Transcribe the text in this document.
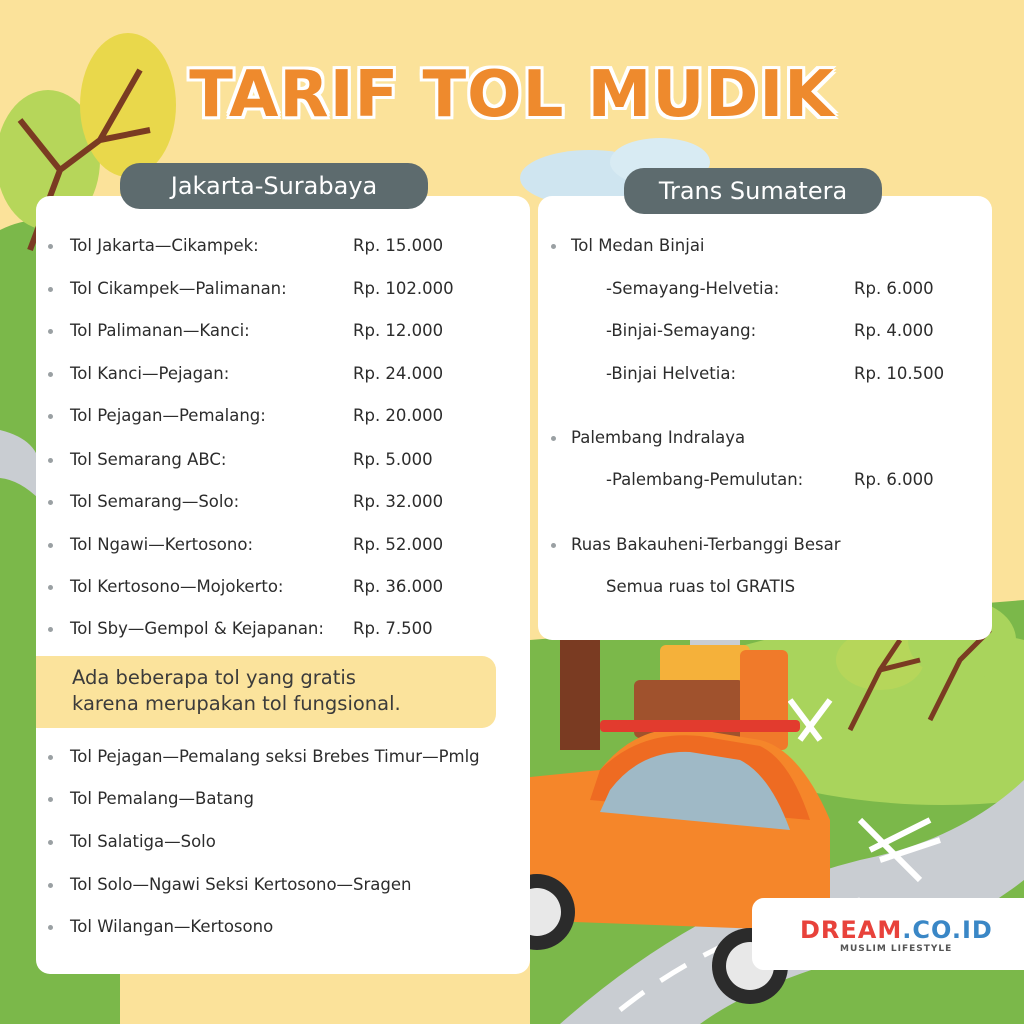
TARIF TOL MUDIK
Jakarta-Surabaya
Tol Jakarta—Cikampek:	Rp. 15.000
Tol Cikampek—Palimanan:	Rp. 102.000
Tol Palimanan—Kanci:	Rp. 12.000
Tol Kanci—Pejagan:	Rp. 24.000
Tol Pejagan—Pemalang:	Rp. 20.000
Tol Semarang ABC:	Rp. 5.000
Tol Semarang—Solo:	Rp. 32.000
Tol Ngawi—Kertosono:	Rp. 52.000
Tol Kertosono—Mojokerto:	Rp. 36.000
Tol Sby—Gempol & Kejapanan: Rp. 7.500
Ada beberapa tol yang gratis
karena merupakan tol fungsional.
Tol Pejagan—Pemalang seksi Brebes Timur—Pmlg
Tol Pemalang—Batang
Tol Salatiga—Solo
Tol Solo—Ngawi Seksi Kertosono—Sragen
Tol Wilangan—Kertosono
Trans Sumatera
Tol Medan Binjai
-Semayang-Helvetia:	Rp. 6.000
-Binjai-Semayang:	Rp. 4.000
-Binjai Helvetia:	Rp. 10.500
Palembang Indralaya
-Palembang-Pemulutan:	Rp. 6.000
Ruas Bakauheni-Terbanggi Besar
Semua ruas tol GRATIS
DREAM.CO.ID
MUSLIM LIFESTYLE
